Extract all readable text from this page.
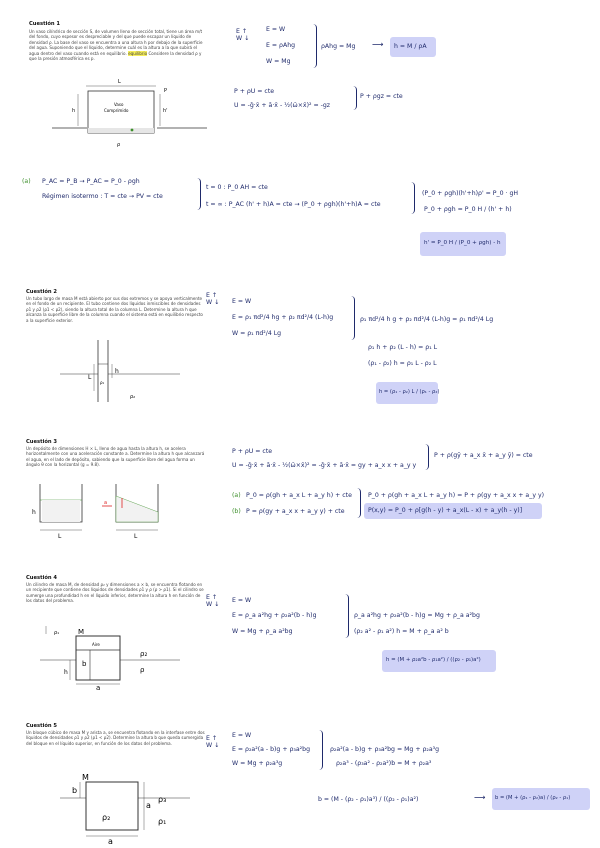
Cuestión 1
Un vaso cilíndrico de sección S, de volumen lleno de sección total, tiene un área m/t del fondo, cuyo espesor es despreciable y del que puede escapar un líquido de densidad ρ. La base del vaso se encuentra a una altura h por debajo de la superficie del agua. Suponiendo que el líquido, determine cuál es la altura a la que subirá el agua dentro del vaso cuando está en equilibrio. equilibrio Considere la densidad ρ y que la presión atmosférica es p.
L
Vaso
Comprimido
h	h'
P
ρ
E ↑
W ↓
E = W
E = ρAhg
W = Mg
ρAhg = Mg ⟶ h = M / ρA
P + ρU = cte
U = -ḡ·x̄ + ā·x̄ - ½(ω̄×x̄)² = -gz
P + ρgz = cte
(a) P_AC = P_B → P_AC = P_0 - ρgh
Régimen isotermo : T = cte → PV = cte
t = 0 : P_0 AH = cte
t = ∞ : P_AC (h' + h)A = cte → (P_0 + ρgh)(h'+h)A = cte
(P_0 + ρgh)(h'+h)ρ' = P_0 · gH
P_0 + ρgh = P_0 H / (h' + h)
h' = P_0 H / (P_0 + ρgh) - h
Cuestión 2
Un tubo largo de masa M está abierto por sus dos extremos y se apoya verticalmente en el fondo de un recipiente. El tubo contiene dos líquidos inmiscibles de densidades ρ1 y ρ2 (ρ1 < ρ2), siendo la altura total de la columna L. Determine la altura h que alcanza la superficie libre de la columna cuando el sistema está en equilibrio respecto a la superficie exterior.
L
h
ρ₁
ρ₂
E ↑
W ↓ E = W
E = ρ₁ πd²/4 hg + ρ₂ πd²/4 (L-h)g
W = ρ₁ πd²/4 Lg
ρ₁ πd²/4 h g + ρ₂ πd²/4 (L-h)g = ρ₁ πd²/4 Lg
ρ₁ h + ρ₂ (L - h) = ρ₁ L
(ρ₁ - ρ₂) h = ρ₁ L - ρ₂ L
h = (ρ₁ - ρ₂) L / (ρ₁ - ρ₂)
Cuestión 3
Un depósito de dimensiones H × L, lleno de agua hasta la altura h, se acelera horizontalmente con una aceleración constante a. Determine la altura h que alcanzará el agua, en el lado de depósito, sabiendo que la superficie libre del agua forma un ángulo θ con la horizontal (g = 9.8).
h
L
a
L
P + ρU = cte
U = -ḡ·x̄ + ā·x̄ - ½(ω̄×x̄)² = -ḡ·x̄ + ā·x̄ = gy + a_x x + a_y y
P + ρ(gȳ + a_x x̄ + a_y ȳ) = cte
(a) P_0 = ρ(gh + a_x L + a_y h) + cte
(b) P = ρ(gy + a_x x + a_y y) + cte
P_0 + ρ(gh + a_x L + a_y h) = P + ρ(gy + a_x x + a_y y)
P(x,y) = P_0 + ρ[g(h - y) + a_x(L - x) + a_y(h - y)]
Cuestión 4
Un cilindro de masa M, de densidad ρ₂ y dimensiones a × b, se encuentra flotando en un recipiente que contiene dos líquidos de densidades ρ1 y ρ (ρ > ρ1). Si el cilindro se sumerge una profundidad h en el líquido inferior, determine la altura h en función de los datos del problema.
M
Aire
ρ₁
ρ₂
ρ
b
h
a
E ↑
W ↓
E = W
E = ρ_a a²hg + ρ₂a²(b - h)g
W = Mg + ρ_a a²bg
ρ_a a²hg + ρ₂a²(b - h)g = Mg + ρ_a a²bg
(ρ₂ a² - ρ₁ a²) h = M + ρ_a a² b
h = (M + ρ₂a²b - ρ₁a²) / ((ρ₂ - ρ₁)a²)
Cuestión 5
Un bloque cúbico de masa M y arista a, se encuentra flotando en la interfase entre dos líquidos de densidades ρ1 y ρ2 (ρ1 < ρ2). Determine la altura b que queda sumergida del bloque en el líquido superior, en función de los datos del problema.
M
b
a
ρ₃
ρ₁
ρ₂
a
E ↑
W ↓
E = W
E = ρ₂a²(a - b)g + ρ₃a²bg
W = Mg + ρ₂a³g
ρ₂a²(a - b)g + ρ₃a²bg = Mg + ρ₂a³g
ρ₂a³ - (ρ₃a² - ρ₂a²)b = M + ρ₂a³
b = (M - (ρ₂ - ρ₁)a³) / ((ρ₂ - ρ₁)a²)	⟶ b = (M + (ρ₁ - ρ₂)a) / (ρ₂ - ρ₁)
